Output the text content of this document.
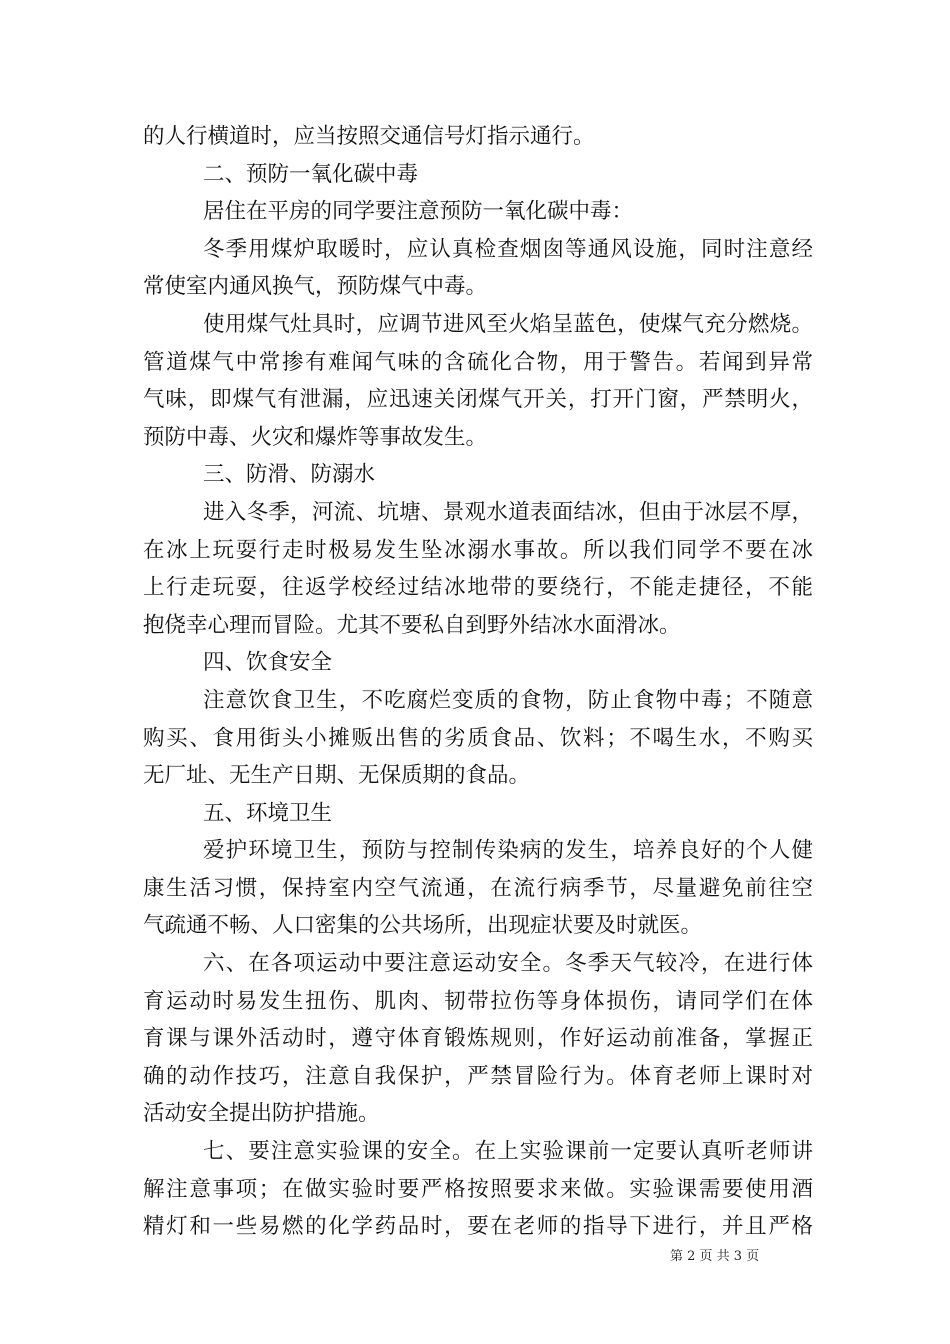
的人行横道时，应当按照交通信号灯指示通行。
二、预防一氧化碳中毒
居住在平房的同学要注意预防一氧化碳中毒：
冬季用煤炉取暖时，应认真检查烟囱等通风设施，同时注意经
常使室内通风换气，预防煤气中毒。
使用煤气灶具时，应调节进风至火焰呈蓝色，使煤气充分燃烧。
管道煤气中常掺有难闻气味的含硫化合物，用于警告。若闻到异常
气味，即煤气有泄漏，应迅速关闭煤气开关，打开门窗，严禁明火，
预防中毒、火灾和爆炸等事故发生。
三、防滑、防溺水
进入冬季，河流、坑塘、景观水道表面结冰，但由于冰层不厚，
在冰上玩耍行走时极易发生坠冰溺水事故。所以我们同学不要在冰
上行走玩耍，往返学校经过结冰地带的要绕行，不能走捷径，不能
抱侥幸心理而冒险。尤其不要私自到野外结冰水面滑冰。
四、饮食安全
注意饮食卫生，不吃腐烂变质的食物，防止食物中毒；不随意
购买、食用街头小摊贩出售的劣质食品、饮料；不喝生水，不购买
无厂址、无生产日期、无保质期的食品。
五、环境卫生
爱护环境卫生，预防与控制传染病的发生，培养良好的个人健
康生活习惯，保持室内空气流通，在流行病季节，尽量避免前往空
气疏通不畅、人口密集的公共场所，出现症状要及时就医。
六、在各项运动中要注意运动安全。冬季天气较冷，在进行体
育运动时易发生扭伤、肌肉、韧带拉伤等身体损伤，请同学们在体
育课与课外活动时，遵守体育锻炼规则，作好运动前准备，掌握正
确的动作技巧，注意自我保护，严禁冒险行为。体育老师上课时对
活动安全提出防护措施。
七、要注意实验课的安全。在上实验课前一定要认真听老师讲
解注意事项；在做实验时要严格按照要求来做。实验课需要使用酒
精灯和一些易燃的化学药品时，要在老师的指导下进行，并且严格
第 2 页 共 3 页
